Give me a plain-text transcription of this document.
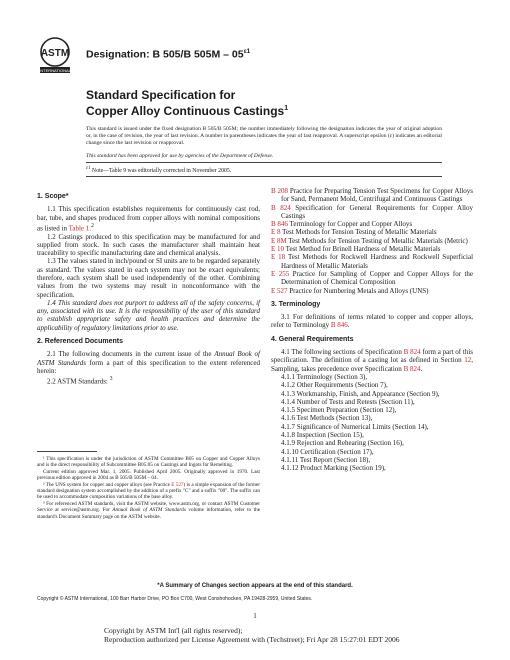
ASTM
INTERNATIONAL
Designation: B 505/B $505M - 05^{\varepsilon 1}$
Standard Specification for
Copper Alloy Continuous Castings$^1$
This standard is issued under the fixed designation B 505/B 505M; the number immediately following the designation indicates the year of original adoption or, in the case of revision, the year of last revision. A number in parentheses indicates the year of last reapproval. A superscript epsilon (ε) indicates an editorial change since the last revision or reapproval.
This standard has been approved for use by agencies of the Department of Defense.
$^{\varepsilon 1}$ Note—Table 9 was editorially corrected in November 2005.

1. Scope*

1.1 This specification establishes requirements for continuously cast rod, bar, tube, and shapes produced from copper alloys with nominal compositions as listed in Table 1.$^2$

1.2 Castings produced to this specification may be manufactured for and supplied from stock. In such cases the manufacturer shall maintain heat traceability to specific manufacturing date and chemical analysis.

1.3 The values stated in inch/pound or SI units are to be regarded separately as standard. The values stated in each system may not be exact equivalents; therefore, each system shall be used independently of the other. Combining values from the two systems may result in nonconformance with the specification.

1.4 This standard does not purport to address all of the safety concerns, if any, associated with its use. It is the responsibility of the user of this standard to establish appropriate safety and health practices and determine the applicability of regulatory limitations prior to use.

2. Referenced Documents

2.1 The following documents in the current issue of the Annual Book of ASTM Standards form a part of this specification to the extent referenced herein:

2.2 ASTM Standards: $^3$

¹ This specification is under the jurisdiction of ASTM Committee B05 on Copper and Copper Alloys and is the direct responsibility of Subcommittee B05.05 on Castings and Ingots for Remelting.

Current edition approved Mar. 1, 2005. Published April 2005. Originally approved in 1970. Last previous edition approved in 2004 as B 505/B 505M – 04.

² The UNS system for copper and copper alloys (see Practice E 527) is a simple expansion of the former standard designation system accomplished by the addition of a prefix "C" and a suffix "00". The suffix can be used to accommodate composition variations of the base alloy.

³ For referenced ASTM standards, visit the ASTM website, www.astm.org, or contact ASTM Customer Service at service@astm.org. For Annual Book of ASTM Standards volume information, refer to the standard's Document Summary page on the ASTM website.

B 208 Practice for Preparing Tension Test Specimens for Copper Alloys for Sand, Permanent Mold, Centrifugal and Continuous Castings

B 824 Specification for General Requirements for Copper Alloy Castings

B 846 Terminology for Copper and Copper Alloys

E 8 Test Methods for Tension Testing of Metallic Materials

E 8M Test Methods for Tension Testing of Metallic Materials (Metric)

E 10 Test Method for Brinell Hardness of Metallic Materials

E 18 Test Methods for Rockwell Hardness and Rockwell Superficial Hardness of Metallic Materials

E 255 Practice for Sampling of Copper and Copper Alloys for the Determination of Chemical Composition

E 527 Practice for Numbering Metals and Alloys (UNS)

3. Terminology

3.1 For definitions of terms related to copper and copper alloys, refer to Terminology B 846.

4. General Requirements

4.1 The following sections of Specification B 824 form a part of this specification. The definition of a casting lot as defined in Section 12, Sampling, takes precedence over Specification B 824.

4.1.1 Terminology (Section 3),

4.1.2 Other Requirements (Section 7),

4.1.3 Workmanship, Finish, and Appearance (Section 9),

4.1.4 Number of Tests and Retests (Section 11),

4.1.5 Specimen Preparation (Section 12),

4.1.6 Test Methods (Section 13),

4.1.7 Significance of Numerical Limits (Section 14),

4.1.8 Inspection (Section 15),

4.1.9 Rejection and Rehearing (Section 16),

4.1.10 Certification (Section 17),

4.1.11 Test Report (Section 18),

4.1.12 Product Marking (Section 19),

*A Summary of Changes section appears at the end of this standard.
Copyright © ASTM International, 100 Barr Harbor Drive, PO Box C700, West Conshohocken, PA 19428-2959, United States.
1
Copyright by ASTM Int'l (all rights reserved);
Reproduction authorized per License Agreement with (Techstreet); Fri Apr 28 15:27:01 EDT 2006
